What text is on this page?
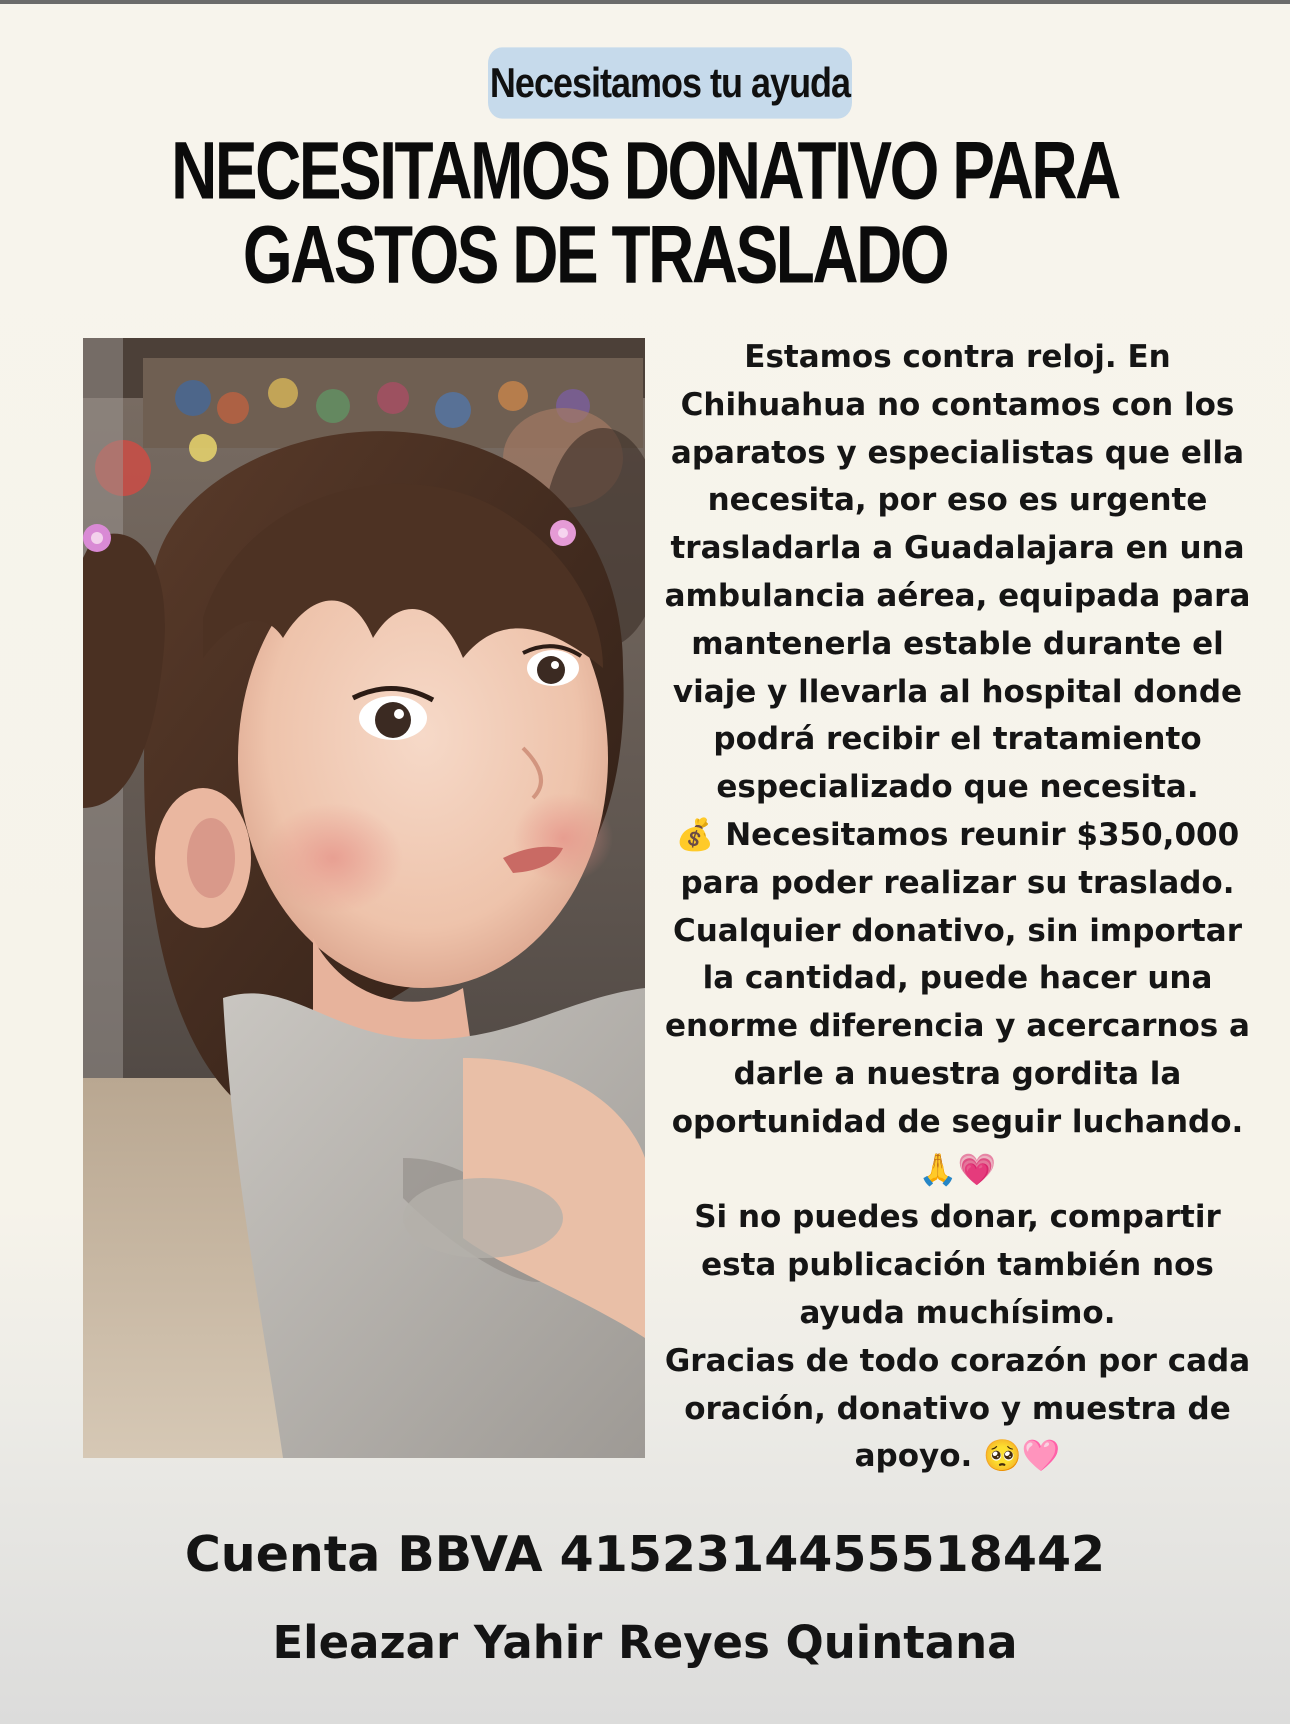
Necesitamos tu ayuda
NECESITAMOS DONATIVO PARA
GASTOS DE TRASLADO

Estamos contra reloj. En Chihuahua no contamos con los aparatos y especialistas que ella necesita, por eso es urgente trasladarla a Guadalajara en una ambulancia aérea, equipada para mantenerla estable durante el viaje y llevarla al hospital donde podrá recibir el tratamiento especializado que necesita.

💰 Necesitamos reunir $350,000 para poder realizar su traslado. Cualquier donativo, sin importar la cantidad, puede hacer una enorme diferencia y acercarnos a darle a nuestra gordita la oportunidad de seguir luchando.

🙏💗

Si no puedes donar, compartir esta publicación también nos ayuda muchísimo.

Gracias de todo corazón por cada oración, donativo y muestra de apoyo. 🥺🩷

Cuenta BBVA 4152314455518442
Eleazar Yahir Reyes Quintana
